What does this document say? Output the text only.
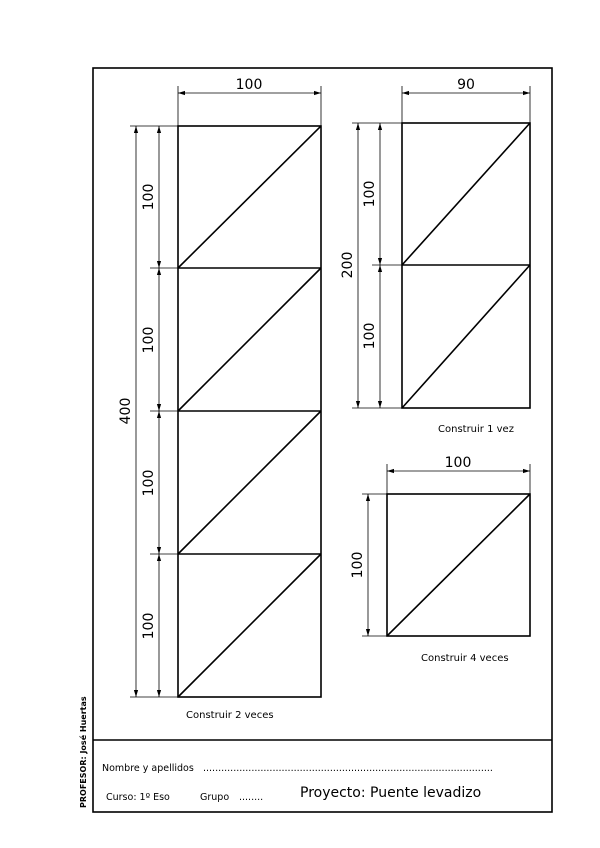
100
400
100
100
100
100
Construir 2 veces
90
200
100
100
Construir 1 vez
100
100
Construir 4 veces
Nombre y apellidos ................................................................................................
Curso: 1º Eso	Grupo ........	Proyecto: Puente levadizo
PROFESOR: José Huertas
